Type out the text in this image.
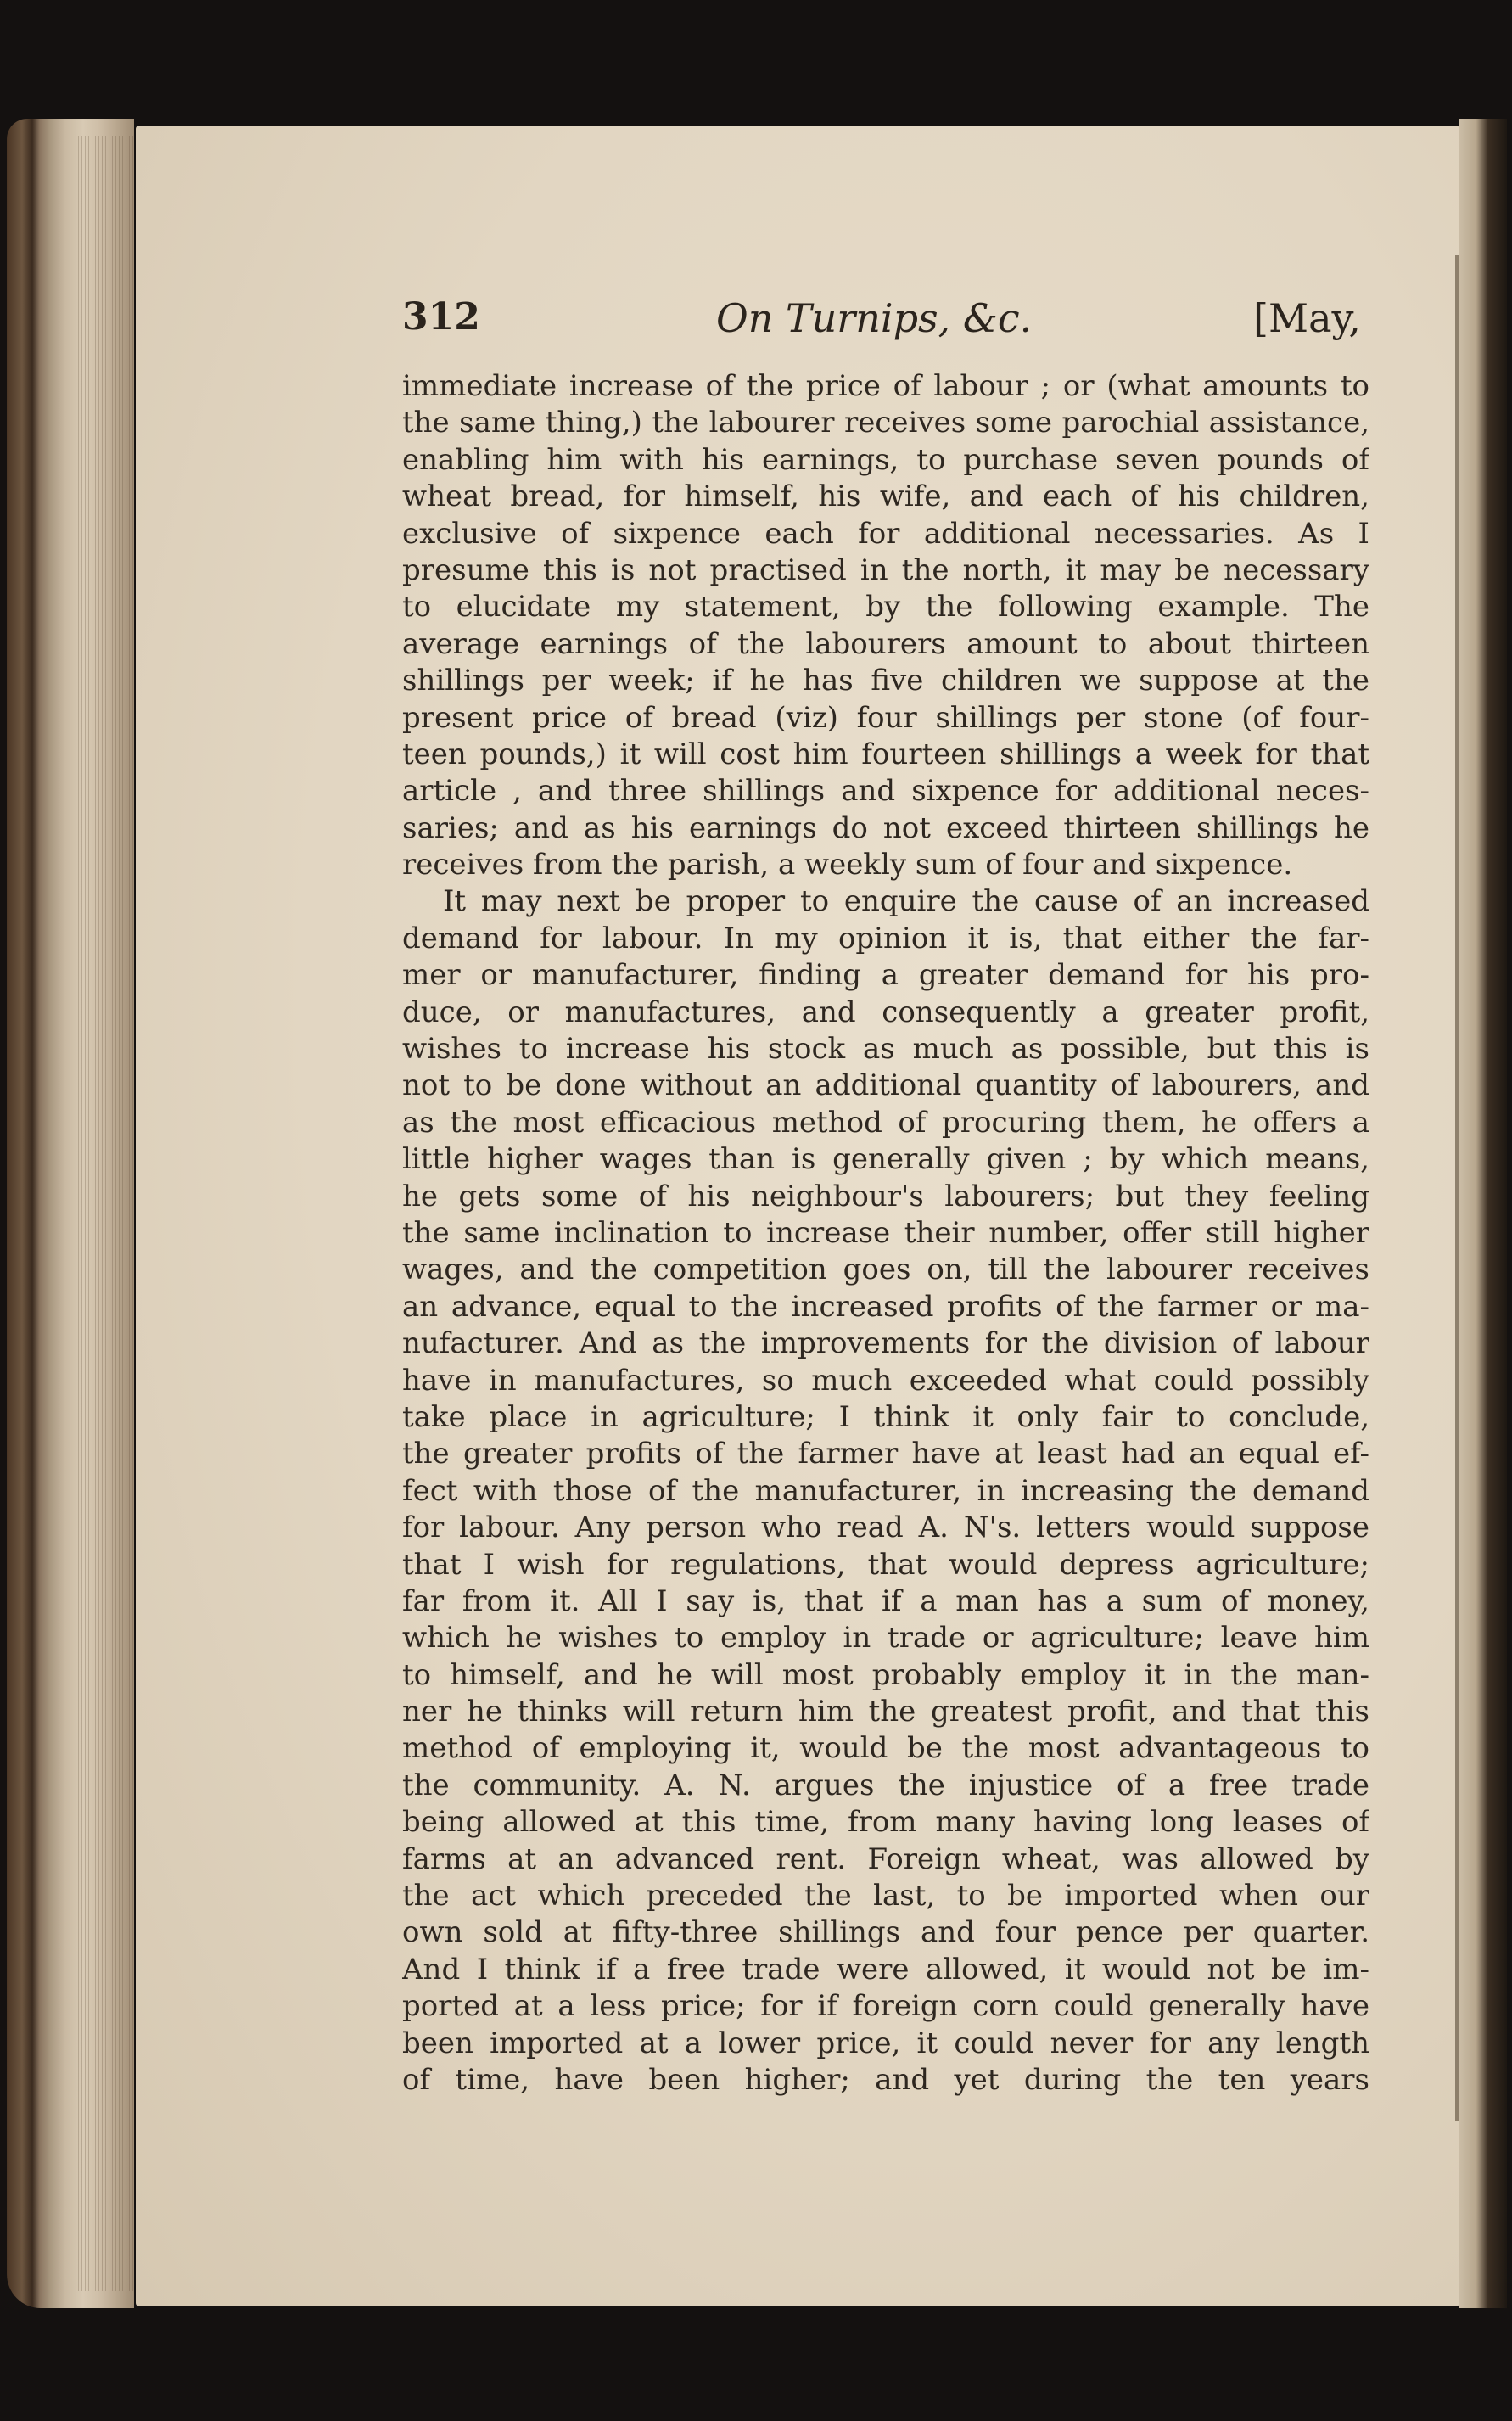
312	On Turnips, &c.	[May,
immediate increase of the price of labour ; or (what amounts to
the same thing,) the labourer receives some parochial assistance,
enabling him with his earnings, to purchase seven pounds of
wheat bread, for himself, his wife, and each of his children,
exclusive of sixpence each for additional necessaries. As I
presume this is not practised in the north, it may be necessary
to elucidate my statement, by the following example. The
average earnings of the labourers amount to about thirteen
shillings per week; if he has five children we suppose at the
present price of bread (viz) four shillings per stone (of four-
teen pounds,) it will cost him fourteen shillings a week for that
article , and three shillings and sixpence for additional neces-
saries; and as his earnings do not exceed thirteen shillings he
receives from the parish, a weekly sum of four and sixpence.
It may next be proper to enquire the cause of an increased
demand for labour. In my opinion it is, that either the far-
mer or manufacturer, finding a greater demand for his pro-
duce, or manufactures, and consequently a greater profit,
wishes to increase his stock as much as possible, but this is
not to be done without an additional quantity of labourers, and
as the most efficacious method of procuring them, he offers a
little higher wages than is generally given ; by which means,
he gets some of his neighbour's labourers; but they feeling
the same inclination to increase their number, offer still higher
wages, and the competition goes on, till the labourer receives
an advance, equal to the increased profits of the farmer or ma-
nufacturer. And as the improvements for the division of labour
have in manufactures, so much exceeded what could possibly
take place in agriculture; I think it only fair to conclude,
the greater profits of the farmer have at least had an equal ef-
fect with those of the manufacturer, in increasing the demand
for labour. Any person who read A. N's. letters would suppose
that I wish for regulations, that would depress agriculture;
far from it. All I say is, that if a man has a sum of money,
which he wishes to employ in trade or agriculture; leave him
to himself, and he will most probably employ it in the man-
ner he thinks will return him the greatest profit, and that this
method of employing it, would be the most advantageous to
the community. A. N. argues the injustice of a free trade
being allowed at this time, from many having long leases of
farms at an advanced rent. Foreign wheat, was allowed by
the act which preceded the last, to be imported when our
own sold at fifty-three shillings and four pence per quarter.
And I think if a free trade were allowed, it would not be im-
ported at a less price; for if foreign corn could generally have
been imported at a lower price, it could never for any length
of time, have been higher; and yet during the ten years
